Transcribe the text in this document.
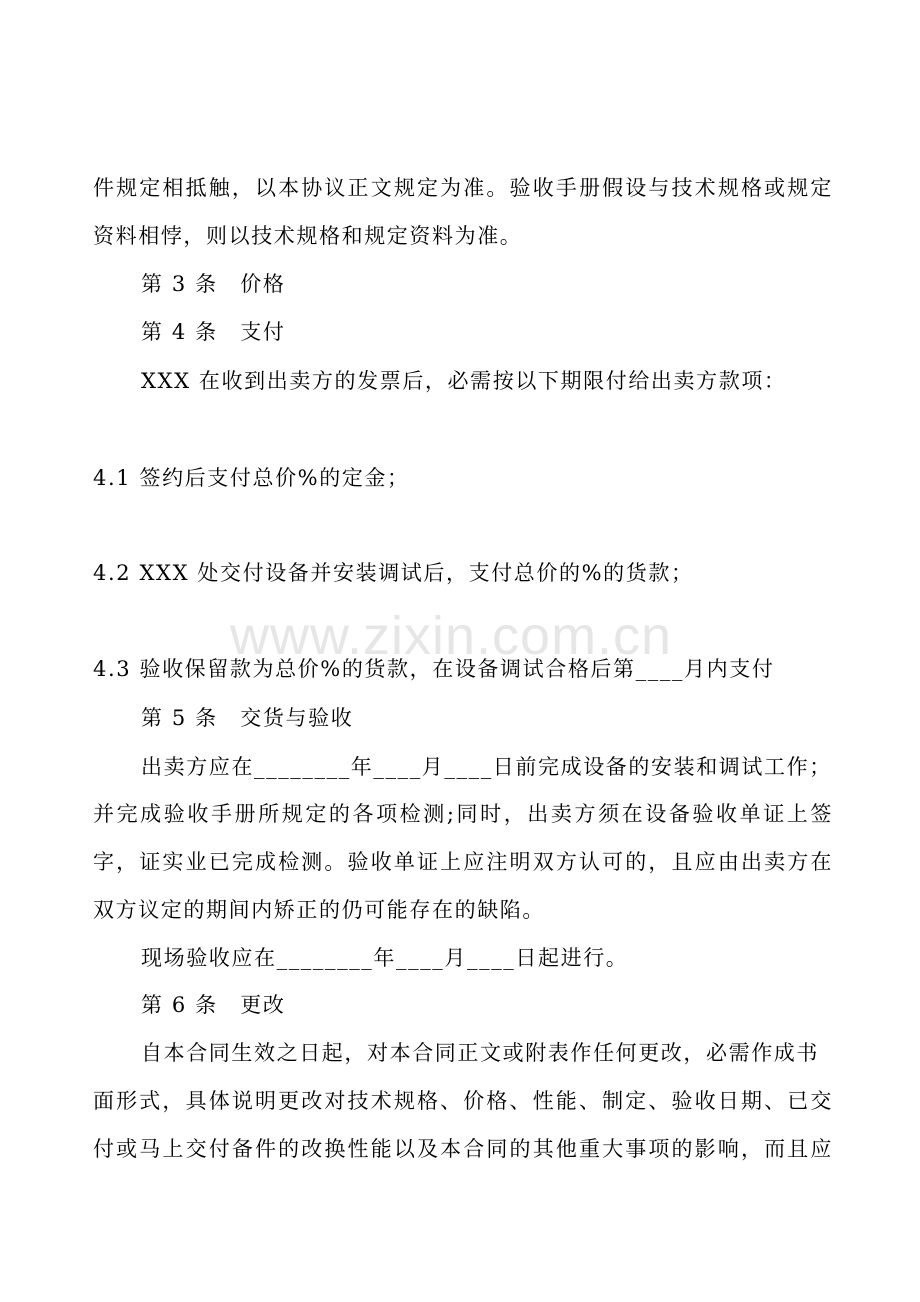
www.zixin.com.cn
件规定相抵触，以本协议正文规定为准。验收手册假设与技术规格或规定
资料相悖，则以技术规格和规定资料为准。
第 3 条　价格
第 4 条　支付
XXX 在收到出卖方的发票后，必需按以下期限付给出卖方款项：
4.1 签约后支付总价%的定金；
4.2 XXX 处交付设备并安装调试后，支付总价的%的货款；
4.3 验收保留款为总价%的货款，在设备调试合格后第____月内支付
第 5 条　交货与验收
出卖方应在________年____月____日前完成设备的安装和调试工作；
并完成验收手册所规定的各项检测;同时，出卖方须在设备验收单证上签
字，证实业已完成检测。验收单证上应注明双方认可的，且应由出卖方在
双方议定的期间内矫正的仍可能存在的缺陷。
现场验收应在________年____月____日起进行。
第 6 条　更改
自本合同生效之日起，对本合同正文或附表作任何更改，必需作成书
面形式，具体说明更改对技术规格、价格、性能、制定、验收日期、已交
付或马上交付备件的改换性能以及本合同的其他重大事项的影响，而且应
